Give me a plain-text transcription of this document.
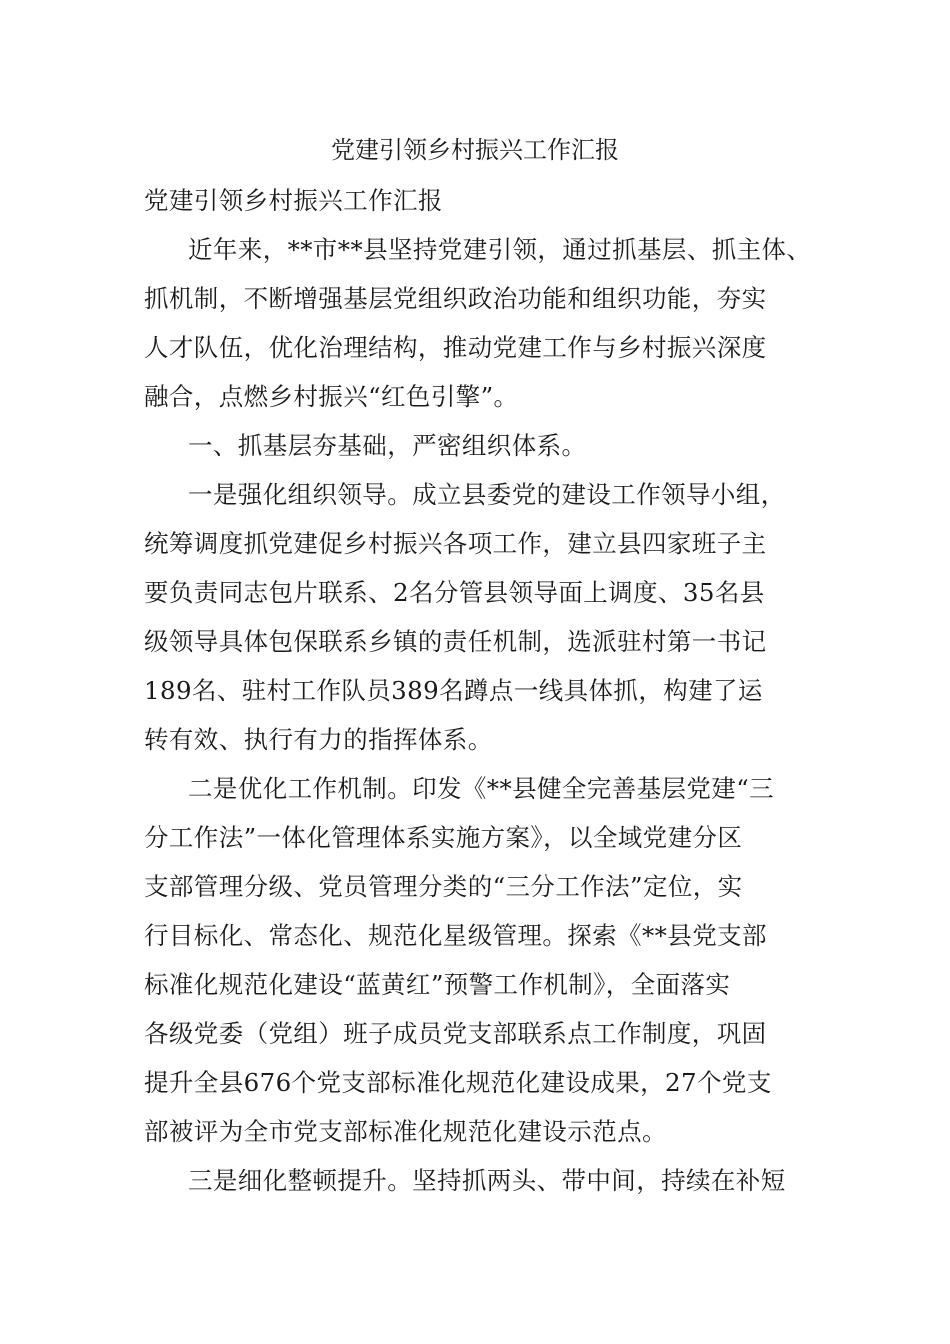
党建引领乡村振兴工作汇报
党建引领乡村振兴工作汇报
近年来，**市**县坚持党建引领，通过抓基层、抓主体、
抓机制，不断增强基层党组织政治功能和组织功能，夯实
人才队伍，优化治理结构，推动党建工作与乡村振兴深度
融合，点燃乡村振兴“红色引擎”。
一、抓基层夯基础，严密组织体系。
一是强化组织领导。成立县委党的建设工作领导小组，
统筹调度抓党建促乡村振兴各项工作，建立县四家班子主
要负责同志包片联系、2名分管县领导面上调度、35名县
级领导具体包保联系乡镇的责任机制，选派驻村第一书记
189名、驻村工作队员389名蹲点一线具体抓，构建了运
转有效、执行有力的指挥体系。
二是优化工作机制。印发《**县健全完善基层党建“三
分工作法”一体化管理体系实施方案》，以全域党建分区
支部管理分级、党员管理分类的“三分工作法”定位，实
行目标化、常态化、规范化星级管理。探索《**县党支部
标准化规范化建设“蓝黄红”预警工作机制》，全面落实
各级党委（党组）班子成员党支部联系点工作制度，巩固
提升全县676个党支部标准化规范化建设成果，27个党支
部被评为全市党支部标准化规范化建设示范点。
三是细化整顿提升。坚持抓两头、带中间，持续在补短
